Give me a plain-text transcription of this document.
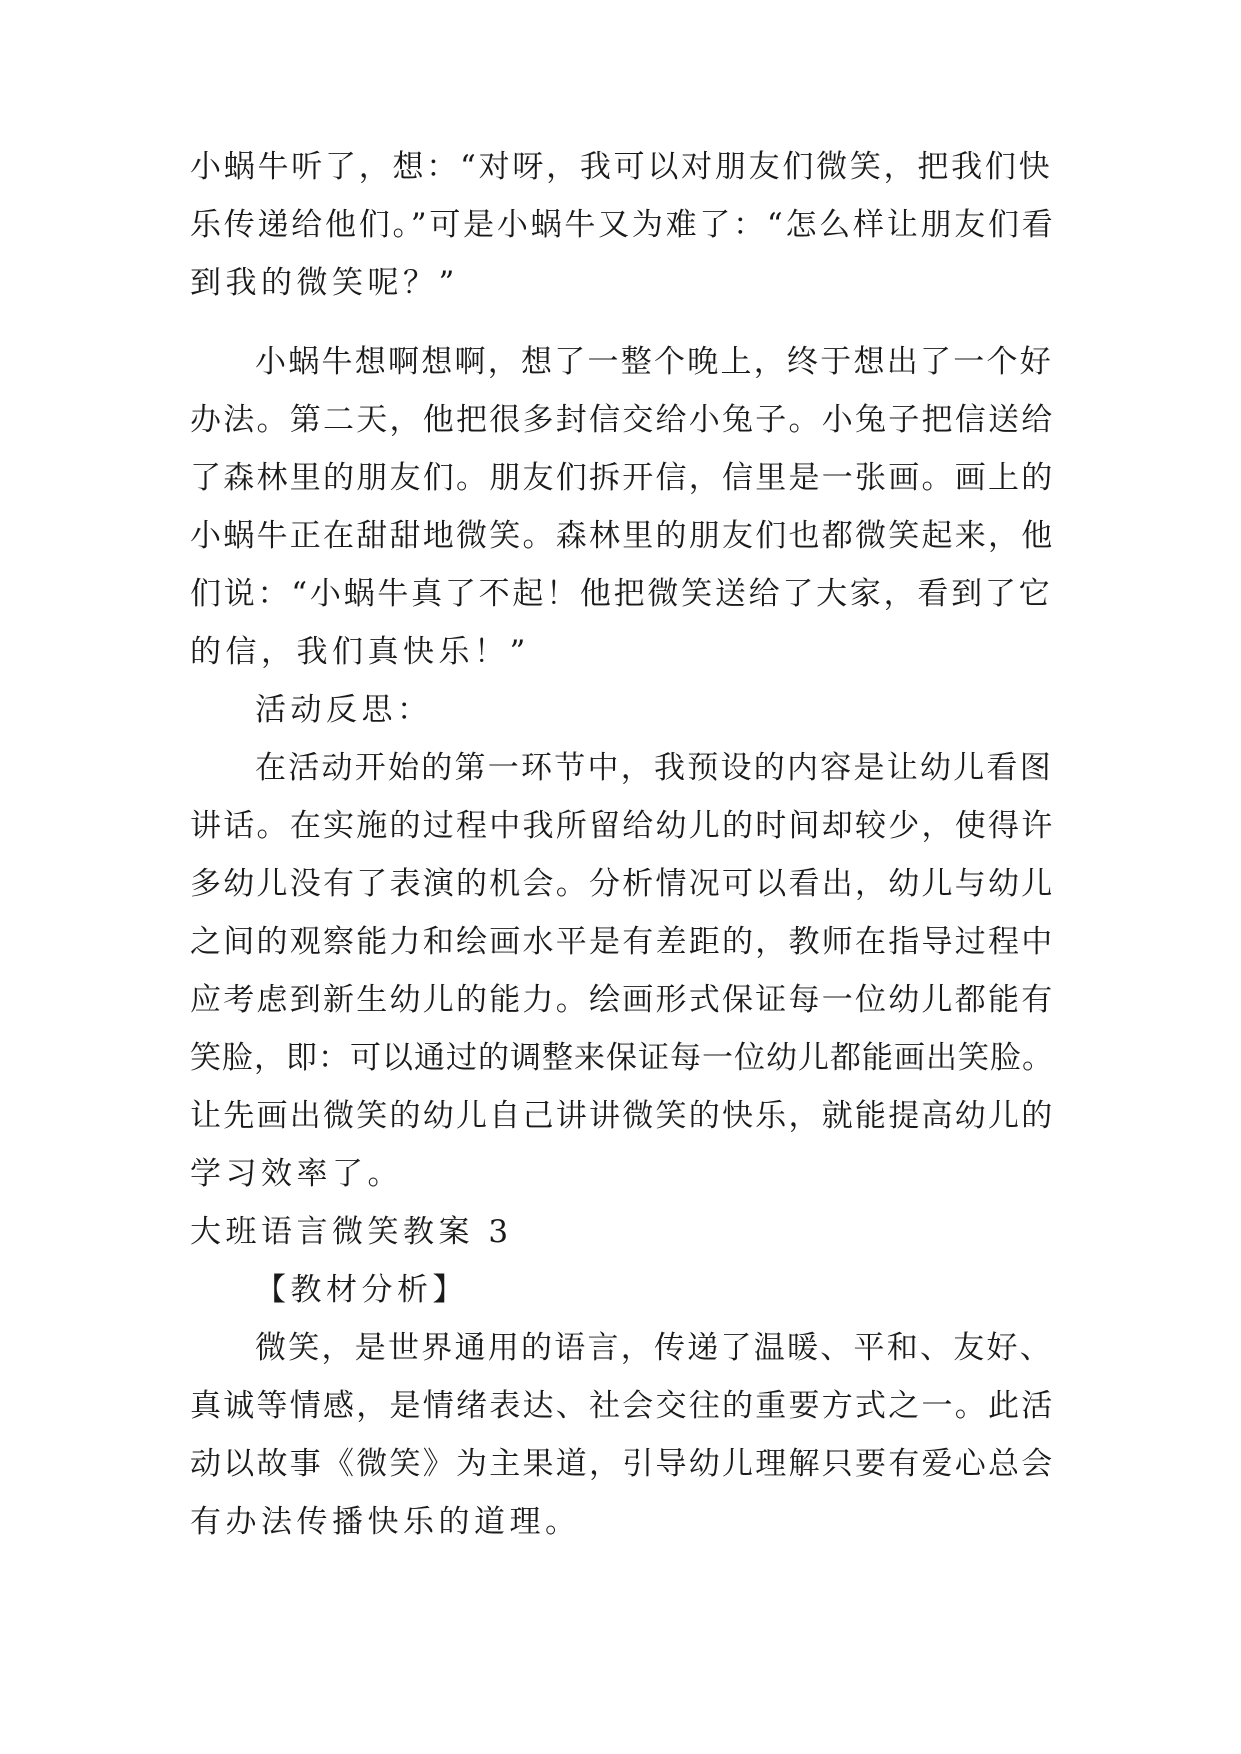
小蜗牛听了，想：“对呀，我可以对朋友们微笑，把我们快
乐传递给他们。”可是小蜗牛又为难了：“怎么样让朋友们看
到我的微笑呢？”
小蜗牛想啊想啊，想了一整个晚上，终于想出了一个好
办法。第二天，他把很多封信交给小兔子。小兔子把信送给
了森林里的朋友们。朋友们拆开信，信里是一张画。画上的
小蜗牛正在甜甜地微笑。森林里的朋友们也都微笑起来，他
们说：“小蜗牛真了不起！他把微笑送给了大家，看到了它
的信，我们真快乐！”
活动反思：
在活动开始的第一环节中，我预设的内容是让幼儿看图
讲话。在实施的过程中我所留给幼儿的时间却较少，使得许
多幼儿没有了表演的机会。分析情况可以看出，幼儿与幼儿
之间的观察能力和绘画水平是有差距的，教师在指导过程中
应考虑到新生幼儿的能力。绘画形式保证每一位幼儿都能有
笑脸，即：可以通过的调整来保证每一位幼儿都能画出笑脸。
让先画出微笑的幼儿自己讲讲微笑的快乐，就能提高幼儿的
学习效率了。
大班语言微笑教案 3
【教材分析】
微笑，是世界通用的语言，传递了温暖、平和、友好、
真诚等情感，是情绪表达、社会交往的重要方式之一。此活
动以故事《微笑》为主果道，引导幼儿理解只要有爱心总会
有办法传播快乐的道理。
